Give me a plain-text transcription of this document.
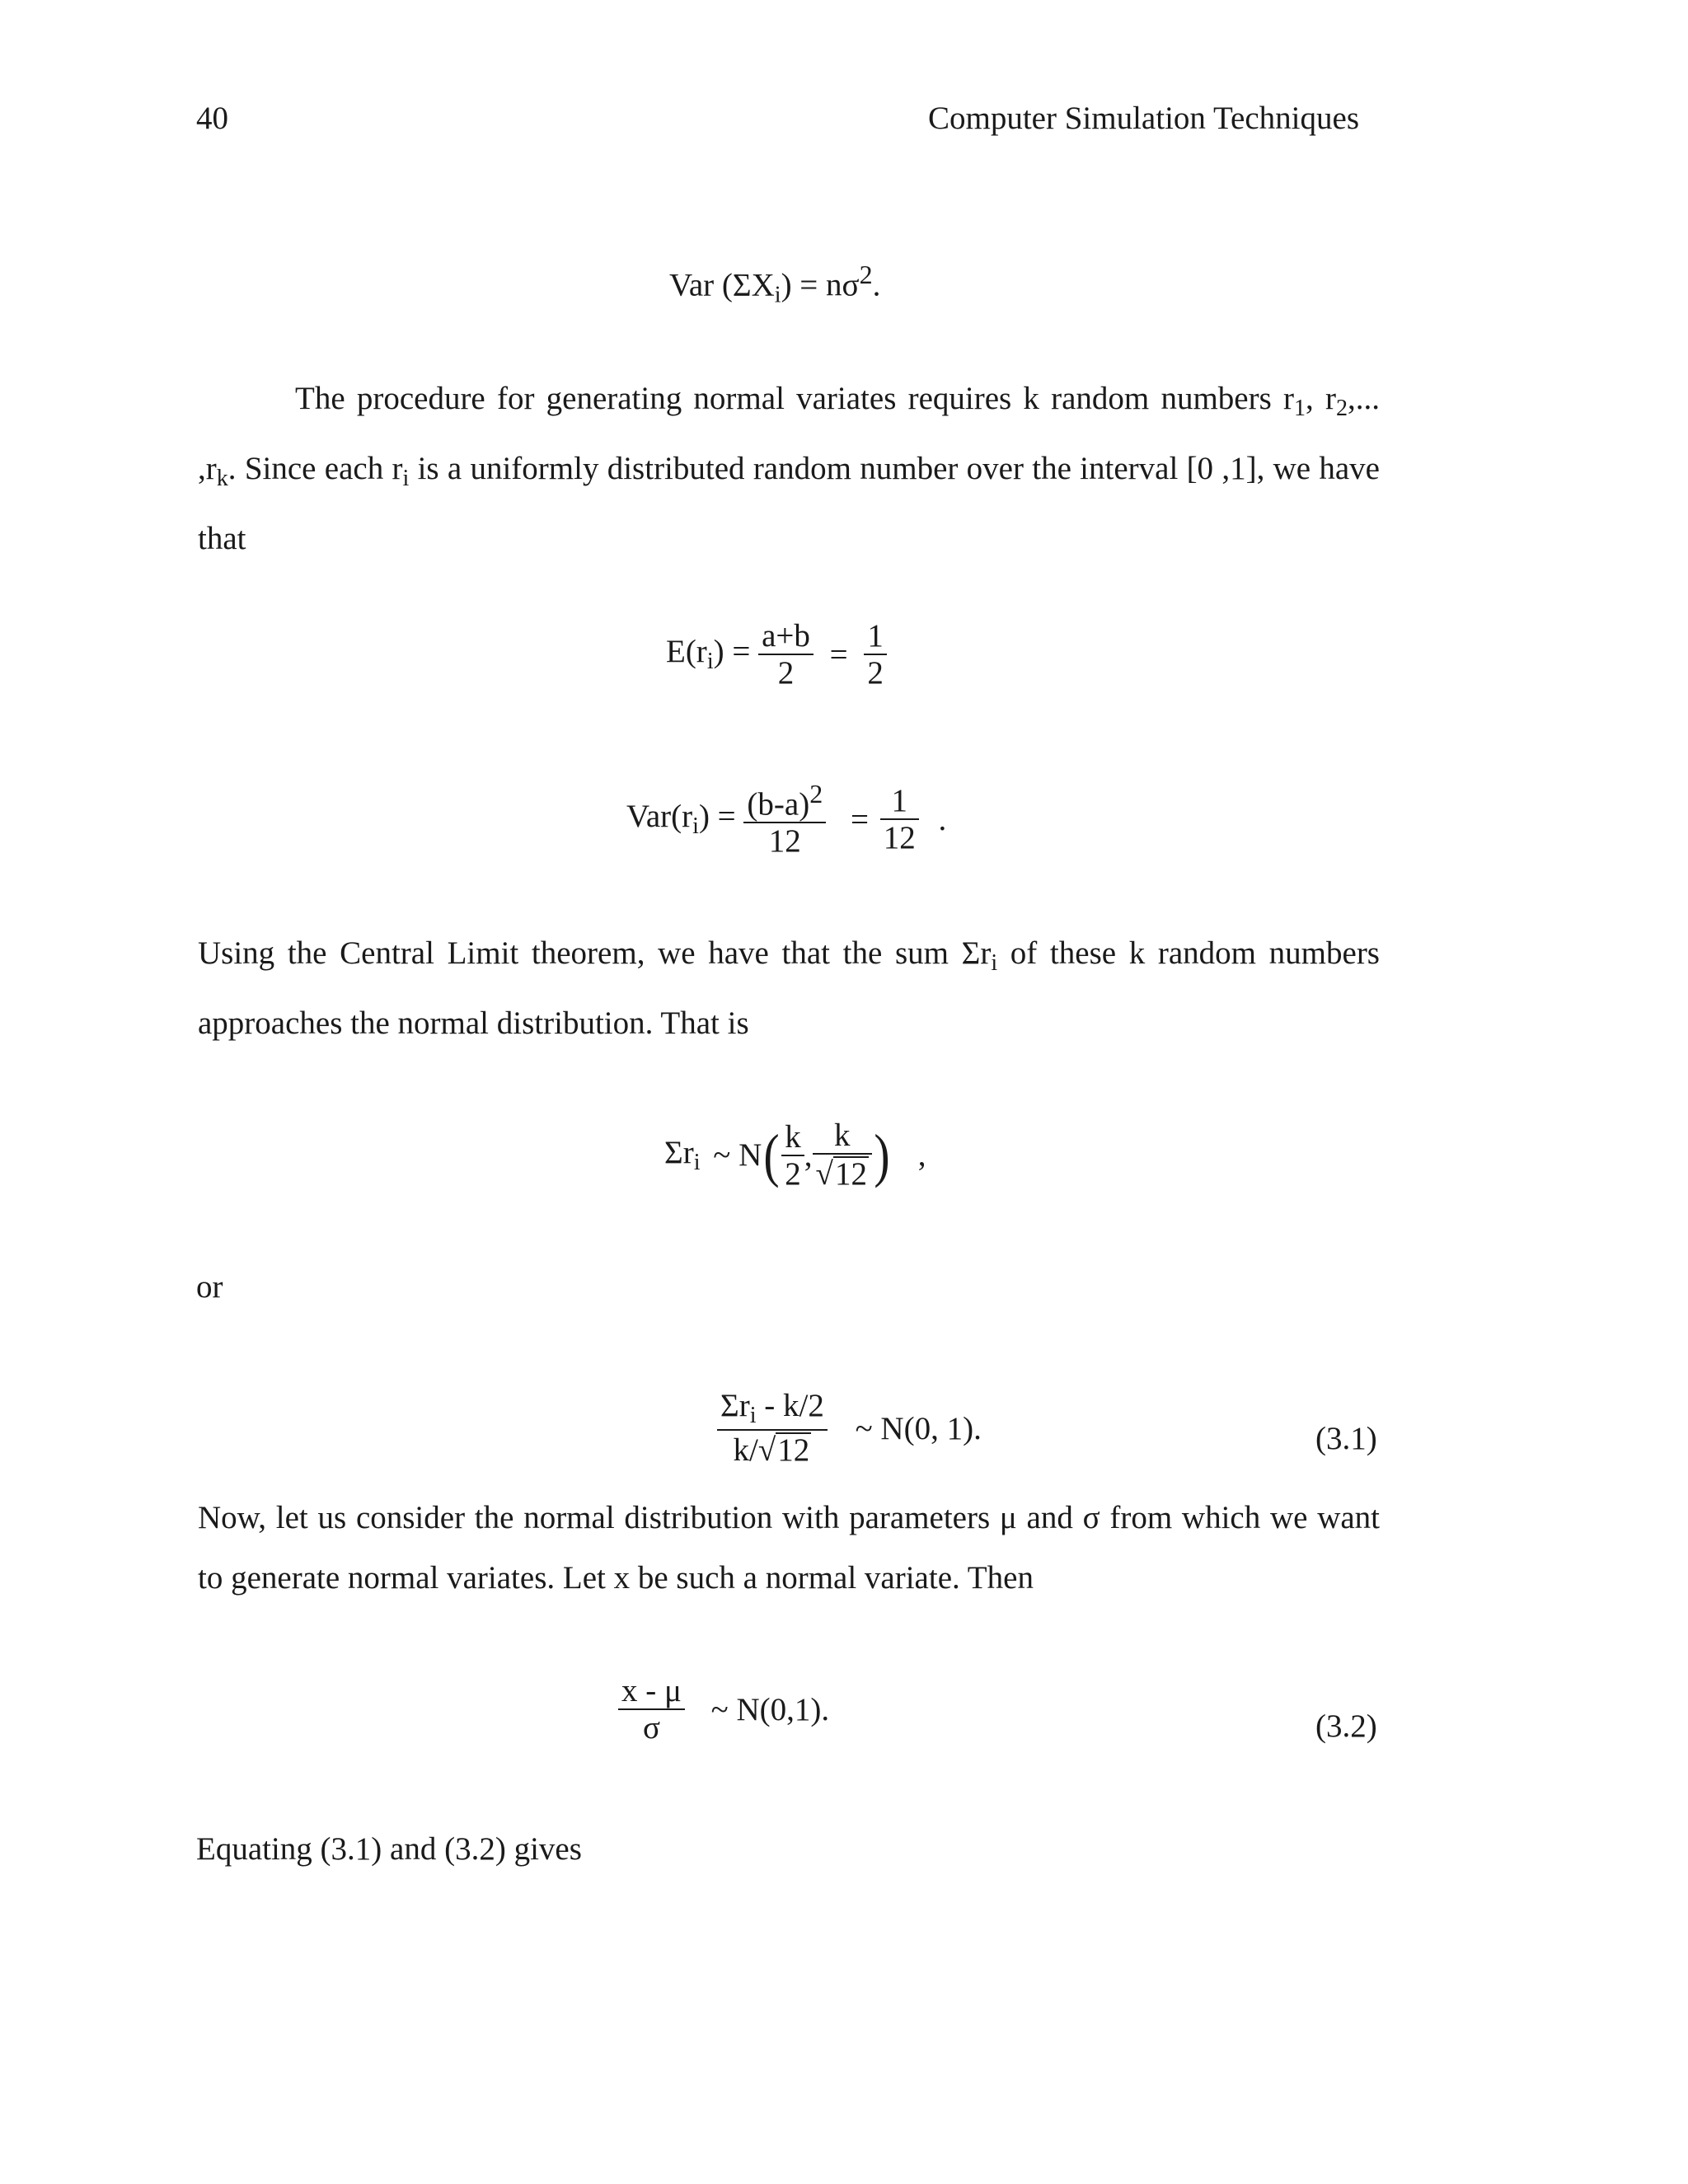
40	Computer Simulation Techniques
Var $(\Sigma X_i) = n\sigma^2$.

The procedure for generating normal variates requires k random numbers $r_1$, $r_2$,... $,r_k$. Since each $r_i$ is a uniformly distributed random number over the interval [0 ,1], we have that

$E(r_i) = \frac{a+b}{2} = \frac{1}{2}$
$Var(r_i) = \frac{(b-a)^2}{12} = \frac{1}{12}$ .

Using the Central Limit theorem, we have that the sum $\Sigma r_i$ of these k random numbers approaches the normal distribution. That is

$\Sigma r_i$ ~ $N( \frac{k}{2}$ , $\frac{k}{√12}$ ) ,
or
$\frac{\Sigma r_i - k/2}{k/√12}$ ~ N(0, 1).	(3.1)

Now, let us consider the normal distribution with parameters μ and σ from which we want to generate normal variates. Let x be such a normal variate. Then

$\frac{x - \mu}{\sigma}$ ~ N(0,1).	(3.2)
Equating (3.1) and (3.2) gives
